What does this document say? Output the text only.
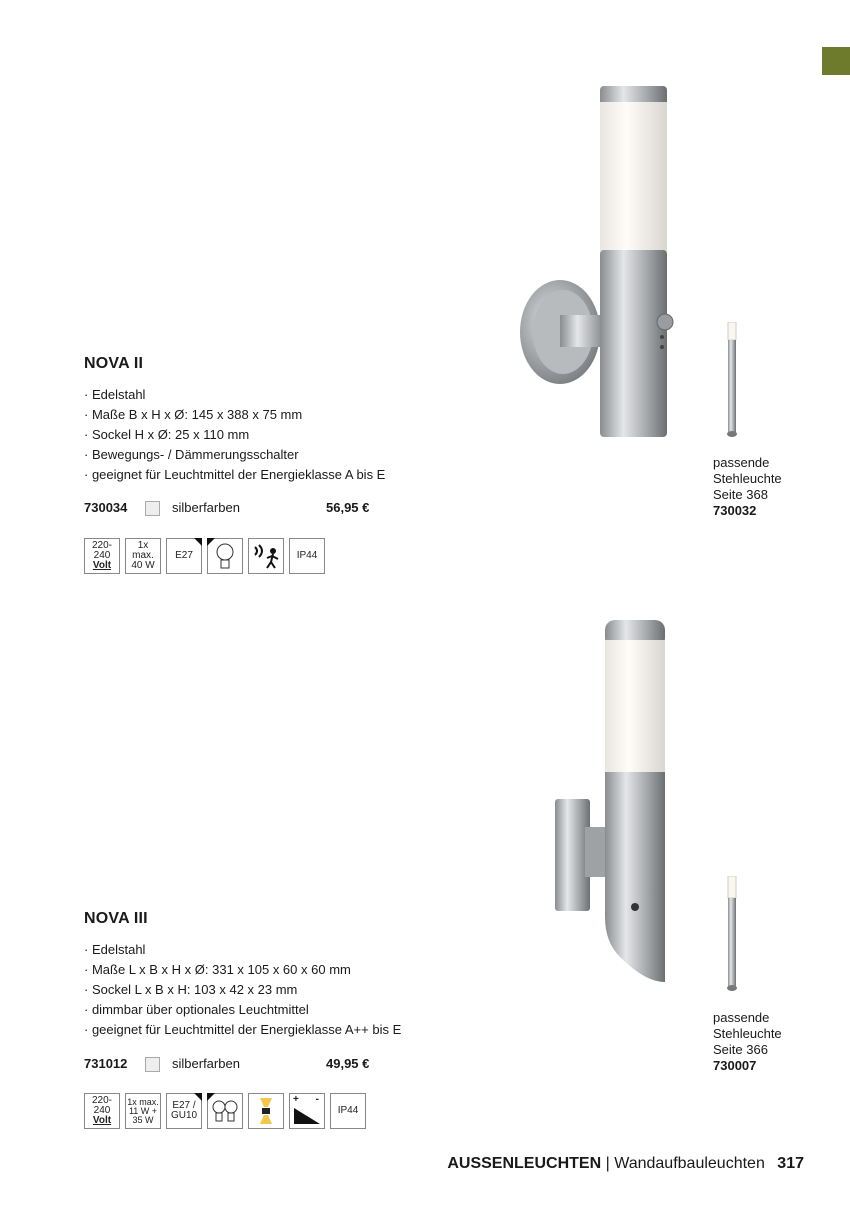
NOVA II
· Edelstahl
· Maße B x H x Ø: 145 x 388 x 75 mm
· Sockel H x Ø: 25 x 110 mm
· Bewegungs- / Dämmerungsschalter
· geeignet für Leuchtmittel der Energieklasse A bis E
730034	silberfarben	56,95 €
220-240
Volt
1x max.
40 W
E27	IP44
passende
Stehleuchte
Seite 368
730032
NOVA III
· Edelstahl
· Maße L x B x H x Ø: 331 x 105 x 60 x 60 mm
· Sockel L x B x H: 103 x 42 x 23 mm
· dimmbar über optionales Leuchtmittel
· geeignet für Leuchtmittel der Energieklasse A++ bis E
731012	silberfarben	49,95 €
220-240
Volt
1x max.
11 W +
35 W
E27 /
GU10
+ -
IP44
passende
Stehleuchte
Seite 366
730007
AUSSENLEUCHTEN | Wandaufbauleuchten 317
